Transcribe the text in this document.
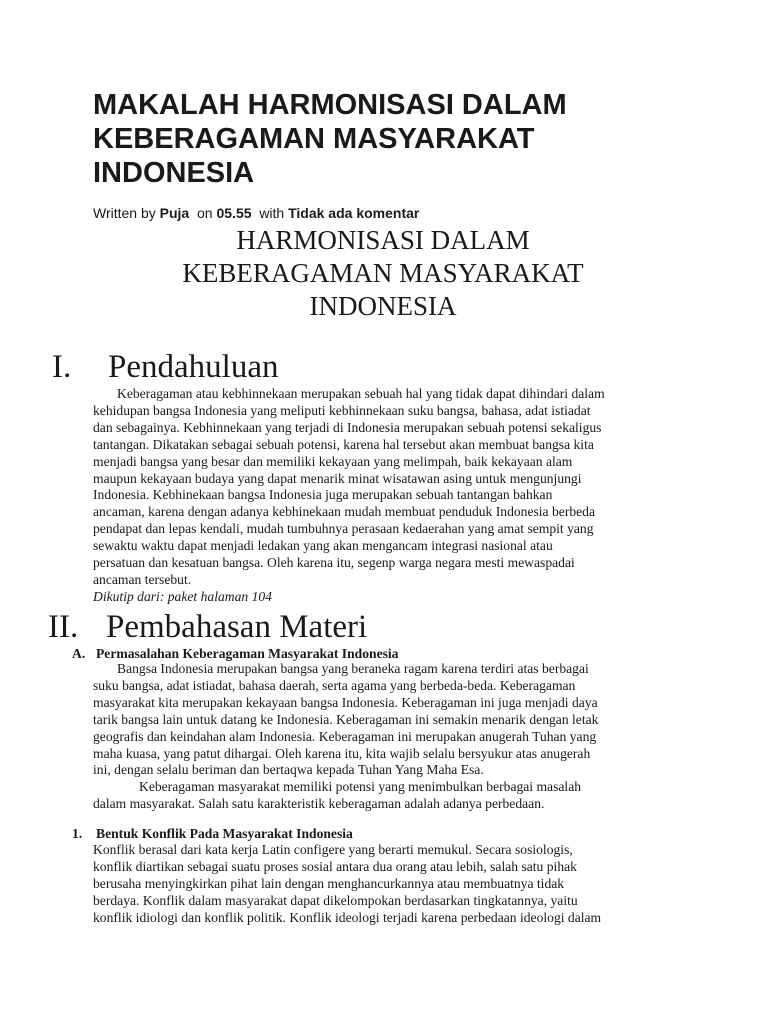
MAKALAH HARMONISASI DALAM
KEBERAGAMAN MASYARAKAT
INDONESIA
Written by Puja on 05.55 with Tidak ada komentar
HARMONISASI DALAM
KEBERAGAMAN MASYARAKAT
INDONESIA
I. Pendahuluan
Keberagaman atau kebhinnekaan merupakan sebuah hal yang tidak dapat dihindari dalam
kehidupan bangsa Indonesia yang meliputi kebhinnekaan suku bangsa, bahasa, adat istiadat
dan sebagainya. Kebhinnekaan yang terjadi di Indonesia merupakan sebuah potensi sekaligus
tantangan. Dikatakan sebagai sebuah potensi, karena hal tersebut akan membuat bangsa kita
menjadi bangsa yang besar dan memiliki kekayaan yang melimpah, baik kekayaan alam
maupun kekayaan budaya yang dapat menarik minat wisatawan asing untuk mengunjungi
Indonesia. Kebhinekaan bangsa Indonesia juga merupakan sebuah tantangan bahkan
ancaman, karena dengan adanya kebhinekaan mudah membuat penduduk Indonesia berbeda
pendapat dan lepas kendali, mudah tumbuhnya perasaan kedaerahan yang amat sempit yang
sewaktu waktu dapat menjadi ledakan yang akan mengancam integrasi nasional atau
persatuan dan kesatuan bangsa. Oleh karena itu, segenp warga negara mesti mewaspadai
ancaman tersebut.
Dikutip dari: paket halaman 104
II. Pembahasan Materi
A. Permasalahan Keberagaman Masyarakat Indonesia
Bangsa Indonesia merupakan bangsa yang beraneka ragam karena terdiri atas berbagai
suku bangsa, adat istiadat, bahasa daerah, serta agama yang berbeda-beda. Keberagaman
masyarakat kita merupakan kekayaan bangsa Indonesia. Keberagaman ini juga menjadi daya
tarik bangsa lain untuk datang ke Indonesia. Keberagaman ini semakin menarik dengan letak
geografis dan keindahan alam Indonesia. Keberagaman ini merupakan anugerah Tuhan yang
maha kuasa, yang patut dihargai. Oleh karena itu, kita wajib selalu bersyukur atas anugerah
ini, dengan selalu beriman dan bertaqwa kepada Tuhan Yang Maha Esa.
Keberagaman masyarakat memiliki potensi yang menimbulkan berbagai masalah
dalam masyarakat. Salah satu karakteristik keberagaman adalah adanya perbedaan.
1. Bentuk Konflik Pada Masyarakat Indonesia
Konflik berasal dari kata kerja Latin configere yang berarti memukul. Secara sosiologis,
konflik diartikan sebagai suatu proses sosial antara dua orang atau lebih, salah satu pihak
berusaha menyingkirkan pihat lain dengan menghancurkannya atau membuatnya tidak
berdaya. Konflik dalam masyarakat dapat dikelompokan berdasarkan tingkatannya, yaitu
konflik idiologi dan konflik politik. Konflik ideologi terjadi karena perbedaan ideologi dalam
